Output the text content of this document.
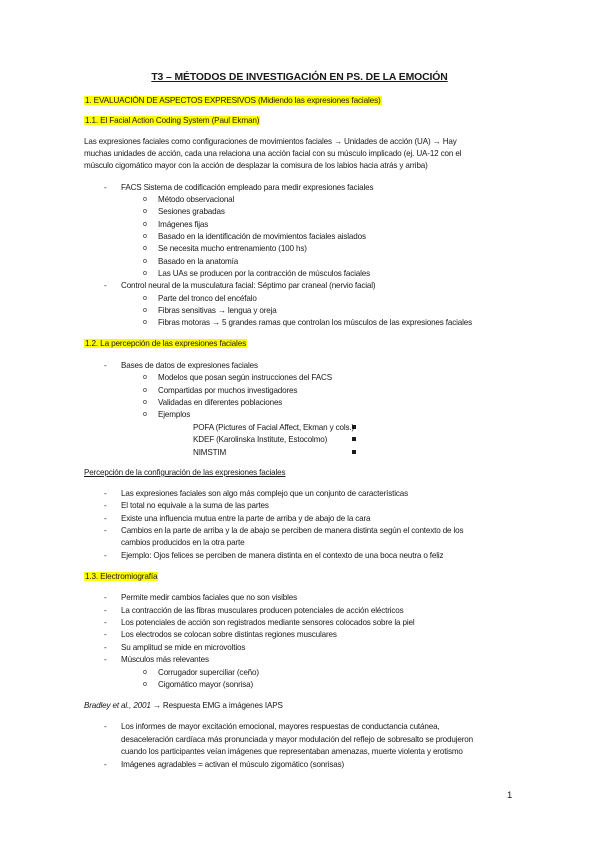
T3 – MÉTODOS DE INVESTIGACIÓN EN PS. DE LA EMOCIÓN
1. EVALUACIÓN DE ASPECTOS EXPRESIVOS (Midiendo las expresiones faciales)
1.1. El Facial Action Coding System (Paul Ekman)
Las expresiones faciales como configuraciones de movimientos faciales → Unidades de acción (UA) → Hay
muchas unidades de acción, cada una relaciona una acción facial con su músculo implicado (ej. UA-12 con el
músculo cigomático mayor con la acción de desplazar la comisura de los labios hacia atrás y arriba)
- FACS Sistema de codificación empleado para medir expresiones faciales
o Método observacional
o Sesiones grabadas
o Imágenes fijas
o Basado en la identificación de movimientos faciales aislados
o Se necesita mucho entrenamiento (100 hs)
o Basado en la anatomía
o Las UAs se producen por la contracción de músculos faciales
- Control neural de la musculatura facial: Séptimo par craneal (nervio facial)
o Parte del tronco del encéfalo
o Fibras sensitivas → lengua y oreja
o Fibras motoras → 5 grandes ramas que controlan los músculos de las expresiones faciales
1.2. La percepción de las expresiones faciales
- Bases de datos de expresiones faciales
o Modelos que posan según instrucciones del FACS
o Compartidas por muchos investigadores
o Validadas en diferentes poblaciones
o Ejemplos
POFA (Pictures of Facial Affect, Ekman y cols.)
KDEF (Karolinska Institute, Estocolmo)
NIMSTIM
Percepción de la configuración de las expresiones faciales
- Las expresiones faciales son algo más complejo que un conjunto de características
- El total no equivale a la suma de las partes
- Existe una influencia mutua entre la parte de arriba y de abajo de la cara
- Cambios en la parte de arriba y la de abajo se perciben de manera distinta según el contexto de los
cambios producidos en la otra parte
- Ejemplo: Ojos felices se perciben de manera distinta en el contexto de una boca neutra o feliz
1.3. Electromiografía
- Permite medir cambios faciales que no son visibles
- La contracción de las fibras musculares producen potenciales de acción eléctricos
- Los potenciales de acción son registrados mediante sensores colocados sobre la piel
- Los electrodos se colocan sobre distintas regiones musculares
- Su amplitud se mide en microvoltios
- Músculos más relevantes
o Corrugador superciliar (ceño)
o Cigomático mayor (sonrisa)
Bradley et al., 2001 → Respuesta EMG a imágenes IAPS
- Los informes de mayor excitación emocional, mayores respuestas de conductancia cutánea,
desaceleración cardíaca más pronunciada y mayor modulación del reflejo de sobresalto se produjeron
cuando los participantes veían imágenes que representaban amenazas, muerte violenta y erotismo
- Imágenes agradables = activan el músculo zigomático (sonrisas)
1
